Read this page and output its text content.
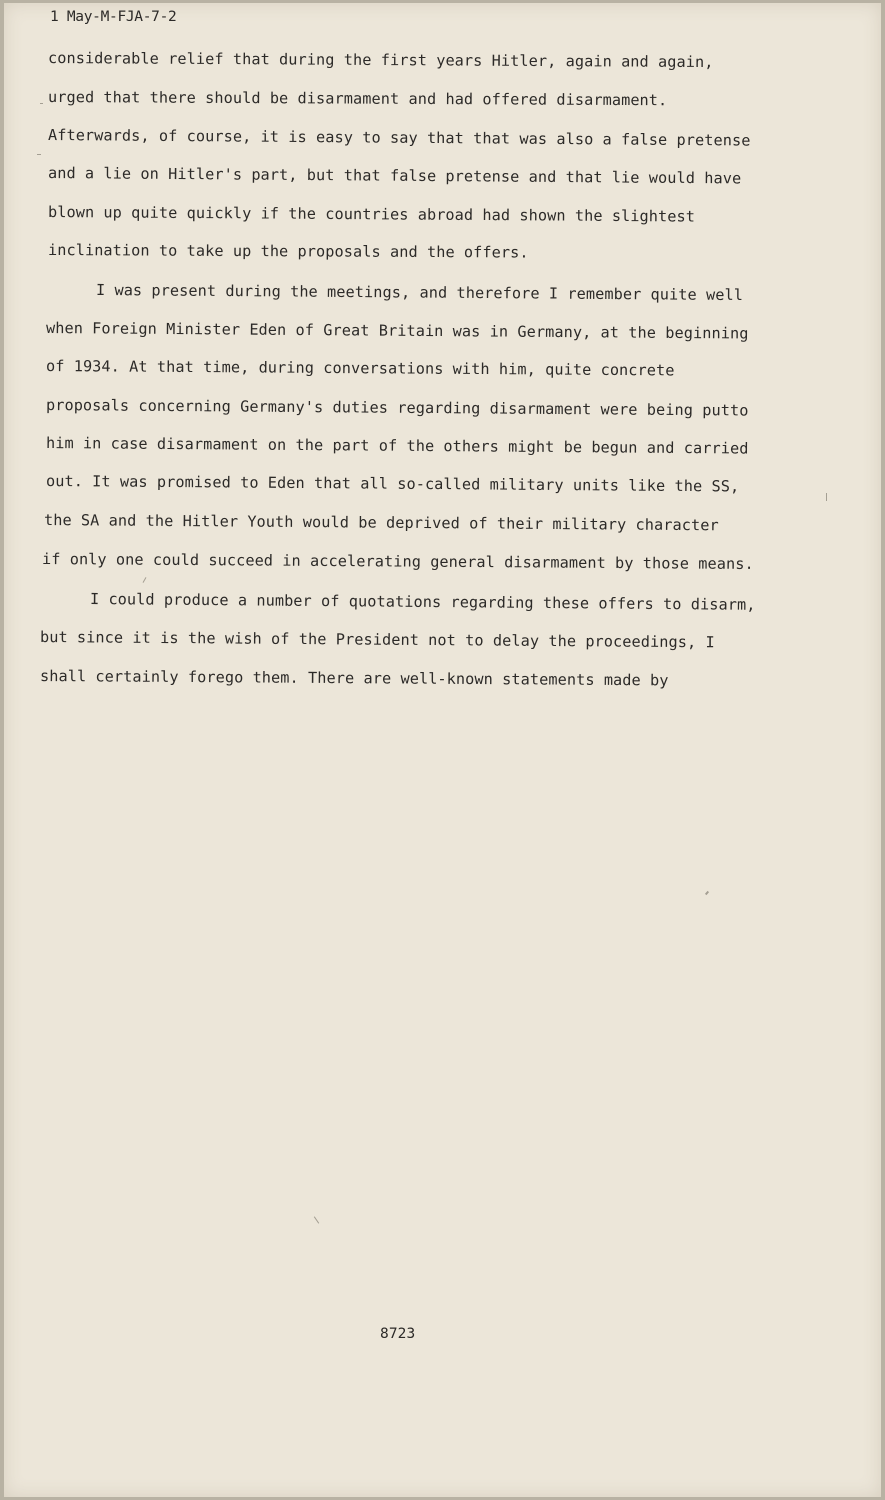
1 May-M-FJA-7-2
considerable relief that during the first years Hitler, again and again,
urged that there should be disarmament and had offered disarmament.
Afterwards, of course, it is easy to say that that was also a false pretense
and a lie on Hitler's part, but that false pretense and that lie would have
blown up quite quickly if the countries abroad had shown the slightest
inclination to take up the proposals and the offers.
I was present during the meetings, and therefore I remember quite well
when Foreign Minister Eden of Great Britain was in Germany, at the beginning
of 1934. At that time, during conversations with him, quite concrete
proposals concerning Germany's duties regarding disarmament were being putto
him in case disarmament on the part of the others might be begun and carried
out. It was promised to Eden that all so-called military units like the SS,
the SA and the Hitler Youth would be deprived of their military character
if only one could succeed in accelerating general disarmament by those means.
I could produce a number of quotations regarding these offers to disarm,
but since it is the wish of the President not to delay the proceedings, I
shall certainly forego them. There are well-known statements made by
8723
